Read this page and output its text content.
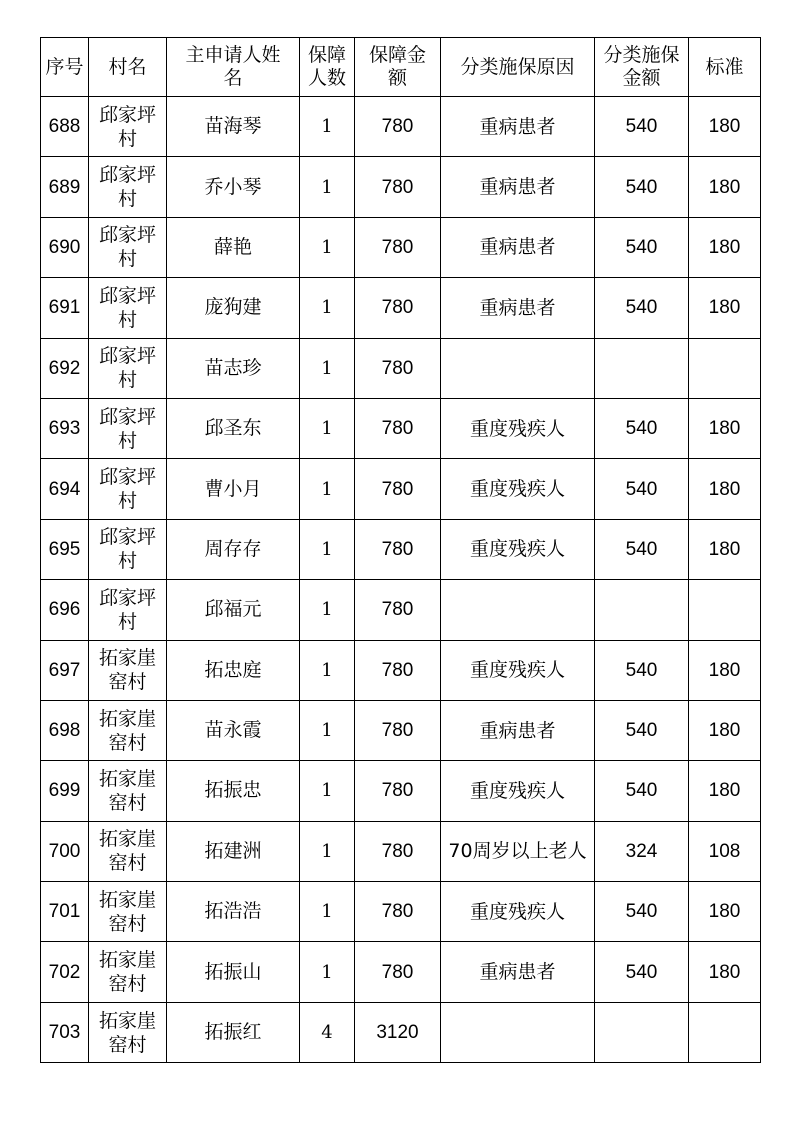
序号	村名	主申请人姓名	保障人数	保障金额	分类施保原因	分类施保金额	标准
688	邱家坪村	苗海琴	1	780	重病患者	540	180
689	邱家坪村	乔小琴	1	780	重病患者	540	180
690	邱家坪村	薛艳	1	780	重病患者	540	180
691	邱家坪村	庞狗建	1	780	重病患者	540	180
692	邱家坪村	苗志珍	1	780			
693	邱家坪村	邱圣东	1	780	重度残疾人	540	180
694	邱家坪村	曹小月	1	780	重度残疾人	540	180
695	邱家坪村	周存存	1	780	重度残疾人	540	180
696	邱家坪村	邱福元	1	780			
697	拓家崖窑村	拓忠庭	1	780	重度残疾人	540	180
698	拓家崖窑村	苗永霞	1	780	重病患者	540	180
699	拓家崖窑村	拓振忠	1	780	重度残疾人	540	180
700	拓家崖窑村	拓建洲	1	780	70周岁以上老人	324	108
701	拓家崖窑村	拓浩浩	1	780	重度残疾人	540	180
702	拓家崖窑村	拓振山	1	780	重病患者	540	180
703	拓家崖窑村	拓振红	4	3120			
